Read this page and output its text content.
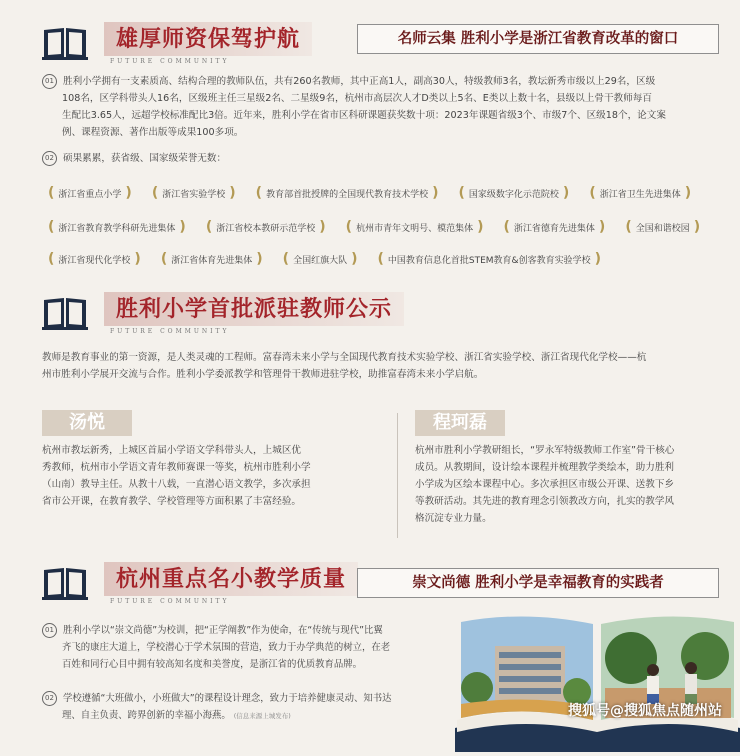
雄厚师资保驾护航
FUTURE COMMUNITY
名师云集 胜利小学是浙江省教育改革的窗口
01 胜利小学拥有一支素质高、结构合理的教师队伍，共有260名教师，其中正高1人，副高30人，特级教师3名，教坛新秀市级以上29名，区级
108名，区学科带头人16名，区级班主任三星级2名、二星级9名，杭州市高层次人才D类以上5名、E类以上数十名，县级以上骨干教师每百
生配比3.65人，远超学校标准配比3倍。近年来，胜利小学在省市区科研课题获奖数十项：2023年课题省级3个、市级7个、区级18个，论文案
例、课程资源、著作出版等成果100多项。
02 硕果累累，获省级、国家级荣誉无数：
( 浙江省重点小学 ) ( 浙江省实验学校 ) ( 教育部首批授牌的全国现代教育技术学校 ) ( 国家级数字化示范院校 ) ( 浙江省卫生先进集体 )
( 浙江省教育教学科研先进集体 ) ( 浙江省校本教研示范学校 ) ( 杭州市青年文明号、模范集体 ) ( 浙江省德育先进集体 ) ( 全国和谐校园 )
( 浙江省现代化学校 ) ( 浙江省体育先进集体 ) ( 全国红旗大队 ) ( 中国教育信息化首批STEM教育&创客教育实验学校 )
胜利小学首批派驻教师公示
FUTURE COMMUNITY
教师是教育事业的第一资源，是人类灵魂的工程师。富春湾未来小学与全国现代教育技术实验学校、浙江省实验学校、浙江省现代化学校——杭
州市胜利小学展开交流与合作。胜利小学委派教学和管理骨干教师进驻学校，助推富春湾未来小学启航。
汤悦
杭州市教坛新秀，上城区首届小学语文学科带头人，上城区优
秀教师，杭州市小学语文青年教师赛课一等奖，杭州市胜利小学
（山南）教导主任。从教十八载，一直潜心语文教学，多次承担
省市公开课，在教育教学、学校管理等方面积累了丰富经验。
程珂磊
杭州市胜利小学教研组长，“罗永军特级教师工作室”骨干核心
成员。从教期间，设计绘本课程并梳理教学类绘本，助力胜利
小学成为区绘本课程中心。多次承担区市级公开课、送教下乡
等教研活动。其先进的教育理念引领教改方向，扎实的教学风
格沉淀专业力量。
杭州重点名小教学质量
FUTURE COMMUNITY
崇文尚德 胜利小学是幸福教育的实践者
01 胜利小学以“崇文尚德”为校训，把“正学阐教”作为使命，在“传统与现代”比翼
齐飞的康庄大道上，学校潜心于学术氛围的营造，致力于办学典范的树立，在老
百姓和同行心目中拥有较高知名度和美誉度，是浙江省的优质教育品牌。
02 学校遵循“大班做小，小班做大”的课程设计理念，致力于培养健康灵动、知书达
理、自主负责、跨界创新的幸福小海燕。 (信息来源上城发布)	搜狐号@搜狐焦点随州站
